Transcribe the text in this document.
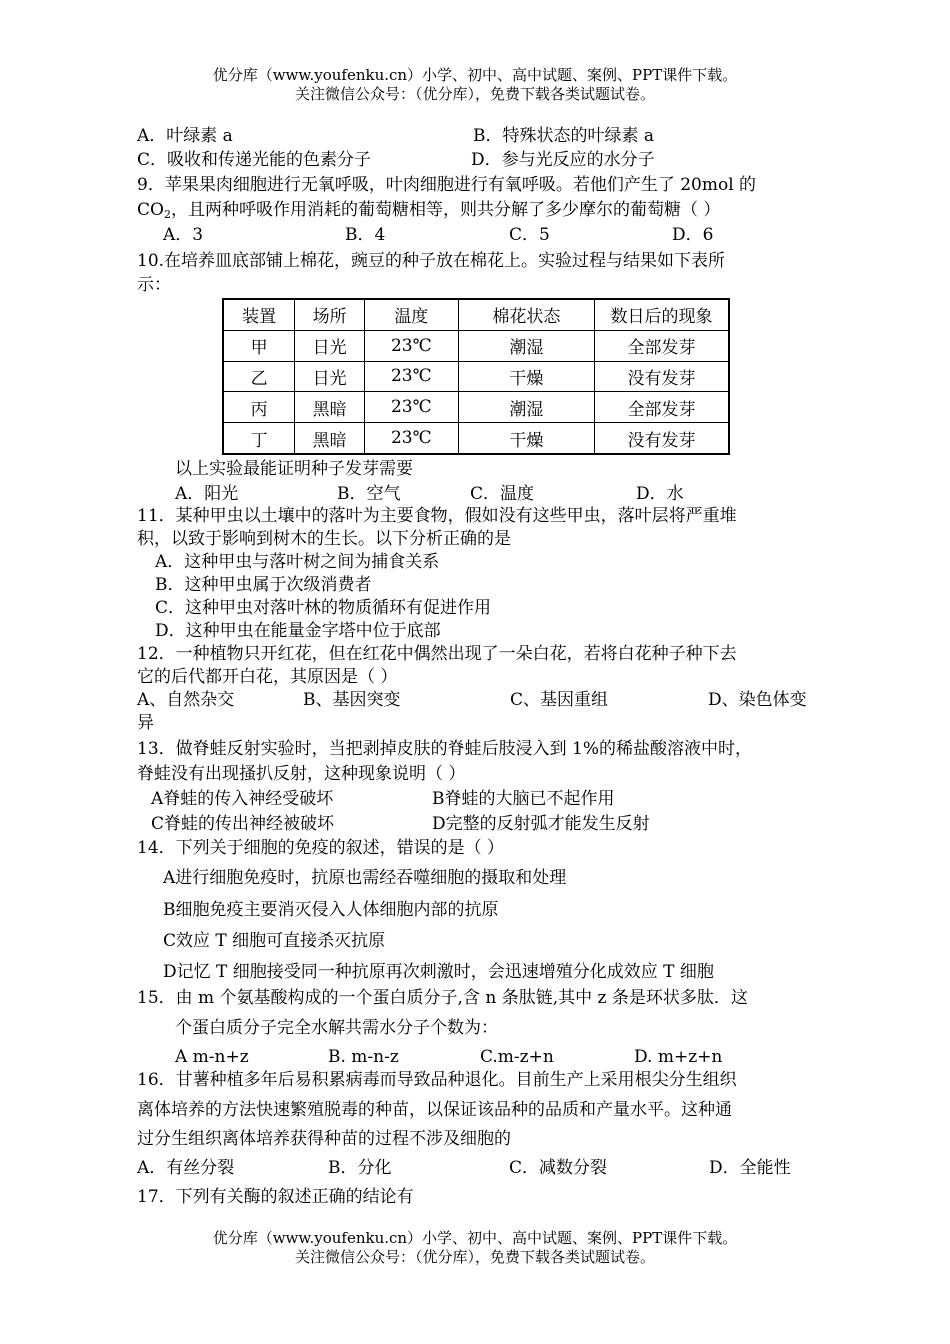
优分库（www.youfenku.cn）小学、初中、高中试题、案例、PPT课件下载。
关注微信公众号：（优分库），免费下载各类试题试卷。
A．叶绿素 a	B．特殊状态的叶绿素 a
C．吸收和传递光能的色素分子	D．参与光反应的水分子
9．苹果果肉细胞进行无氧呼吸，叶肉细胞进行有氧呼吸。若他们产生了 20mol 的
$CO_2$，且两种呼吸作用消耗的葡萄糖相等，则共分解了多少摩尔的葡萄糖（ ）
A．3	B．4	C．5	D．6
10.在培养皿底部铺上棉花，豌豆的种子放在棉花上。实验过程与结果如下表所
示：
装置	场所	温度	棉花状态	数日后的现象
甲	日光	23℃	潮湿	全部发芽
乙	日光	23℃	干燥	没有发芽
丙	黑暗	23℃	潮湿	全部发芽
丁	黑暗	23℃	干燥	没有发芽
以上实验最能证明种子发芽需要
A．阳光	B．空气	C．温度	D．水
11．某种甲虫以土壤中的落叶为主要食物，假如没有这些甲虫，落叶层将严重堆
积，以致于影响到树木的生长。以下分析正确的是
A．这种甲虫与落叶树之间为捕食关系
B．这种甲虫属于次级消费者
C．这种甲虫对落叶林的物质循环有促进作用
D．这种甲虫在能量金字塔中位于底部
12．一种植物只开红花，但在红花中偶然出现了一朵白花，若将白花种子种下去
它的后代都开白花，其原因是（ ）
A、自然杂交	B、基因突变	C、基因重组	D、染色体变
异
13．做脊蛙反射实验时，当把剥掉皮肤的脊蛙后肢浸入到 1%的稀盐酸溶液中时，
脊蛙没有出现搔扒反射，这种现象说明（ ）
A脊蛙的传入神经受破坏	B脊蛙的大脑已不起作用
C脊蛙的传出神经被破坏	D完整的反射弧才能发生反射
14．下列关于细胞的免疫的叙述，错误的是（ ）
A进行细胞免疫时，抗原也需经吞噬细胞的摄取和处理
B细胞免疫主要消灭侵入人体细胞内部的抗原
C效应 T 细胞可直接杀灭抗原
D记忆 T 细胞接受同一种抗原再次刺激时，会迅速增殖分化成效应 T 细胞
15．由 m 个氨基酸构成的一个蛋白质分子,含 n 条肽链,其中 z 条是环状多肽．这
个蛋白质分子完全水解共需水分子个数为：
A m-n+z	B. m-n-z	C.m-z+n	D. m+z+n
16．甘薯种植多年后易积累病毒而导致品种退化。目前生产上采用根尖分生组织
离体培养的方法快速繁殖脱毒的种苗，以保证该品种的品质和产量水平。这种通
过分生组织离体培养获得种苗的过程不涉及细胞的
A．有丝分裂	B．分化	C．减数分裂	D．全能性
17．下列有关酶的叙述正确的结论有
优分库（www.youfenku.cn）小学、初中、高中试题、案例、PPT课件下载。
关注微信公众号：（优分库），免费下载各类试题试卷。
